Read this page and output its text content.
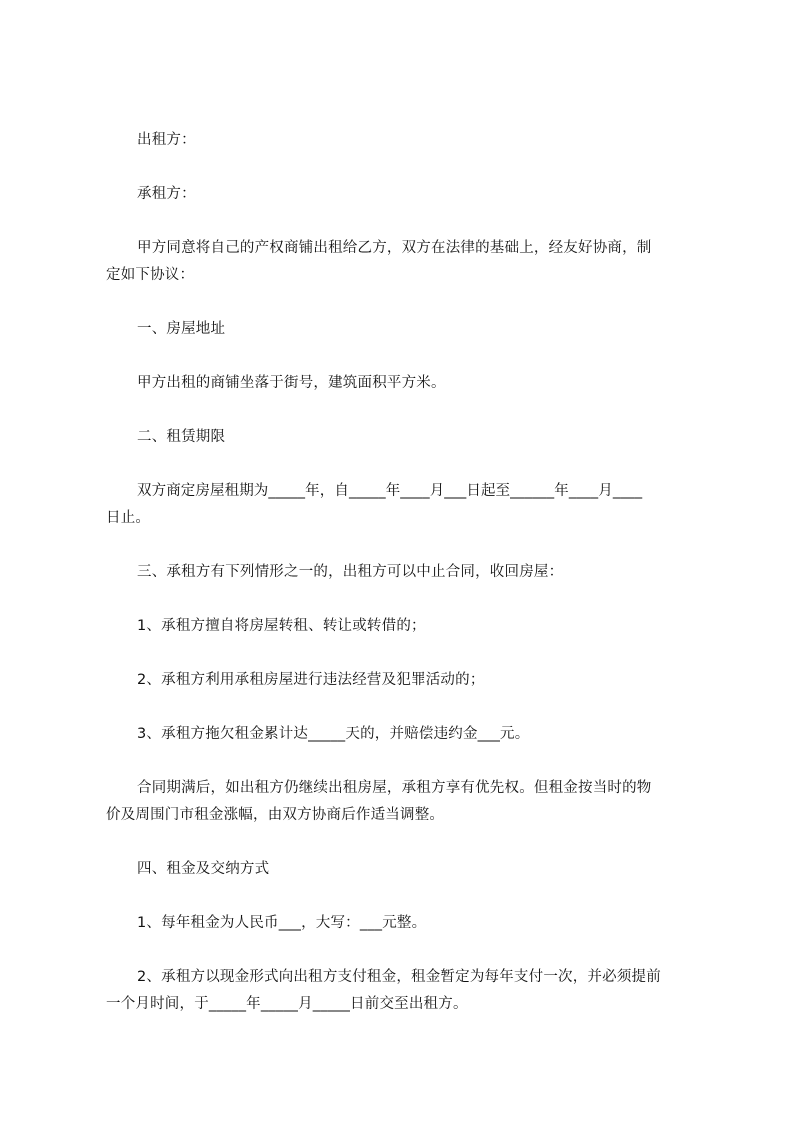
出租方：
承租方：
甲方同意将自己的产权商铺出租给乙方，双方在法律的基础上，经友好协商，制
定如下协议：
一、房屋地址
甲方出租的商铺坐落于街号，建筑面积平方米。
二、租赁期限
双方商定房屋租期为_____年，自_____年____月___日起至______年____月____
日止。
三、承租方有下列情形之一的，出租方可以中止合同，收回房屋：
1、承租方擅自将房屋转租、转让或转借的；
2、承租方利用承租房屋进行违法经营及犯罪活动的；
3、承租方拖欠租金累计达_____天的，并赔偿违约金___元。
合同期满后，如出租方仍继续出租房屋，承租方享有优先权。但租金按当时的物
价及周围门市租金涨幅，由双方协商后作适当调整。
四、租金及交纳方式
1、每年租金为人民币___，大写：___元整。
2、承租方以现金形式向出租方支付租金，租金暂定为每年支付一次，并必须提前
一个月时间，于_____年_____月_____日前交至出租方。
